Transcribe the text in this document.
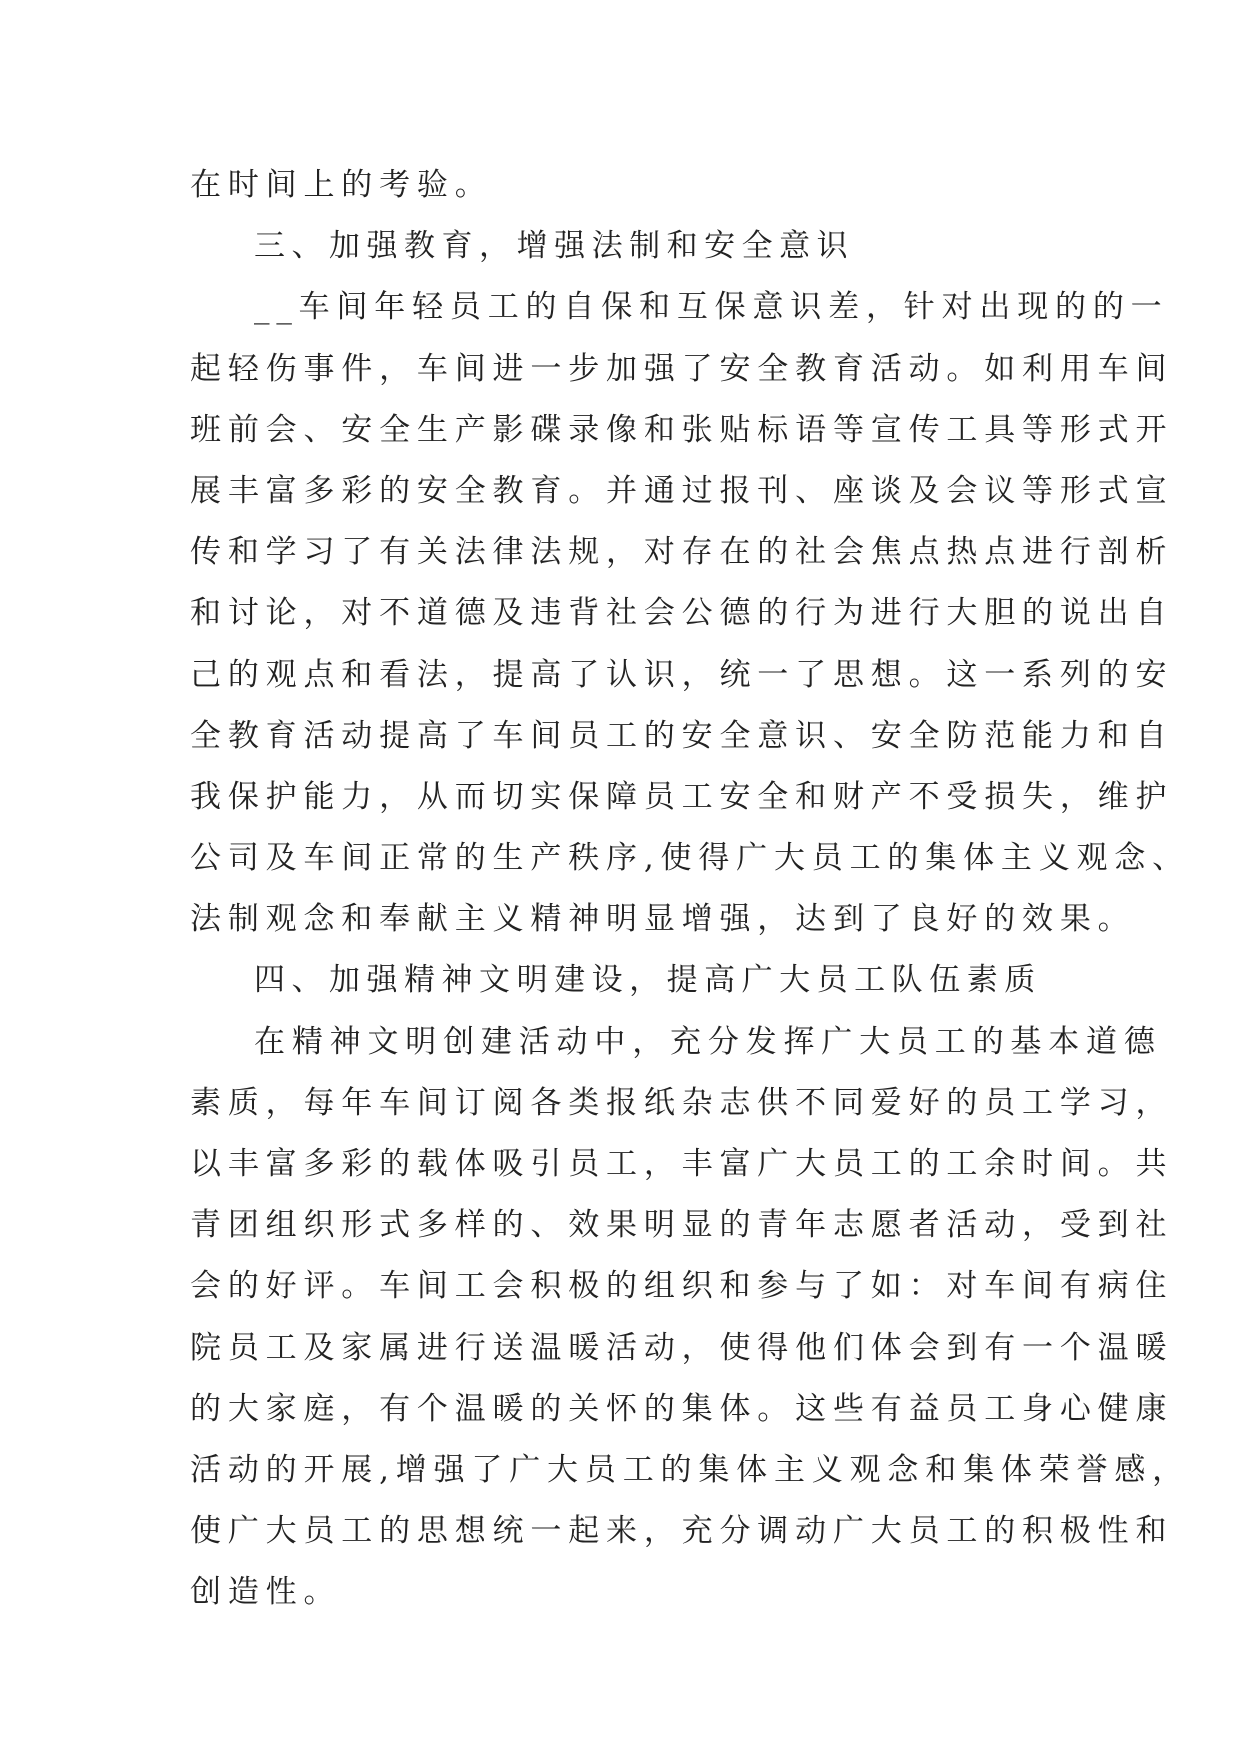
在时间上的考验。
三、加强教育，增强法制和安全意识
__车间年轻员工的自保和互保意识差，针对出现的的一
起轻伤事件，车间进一步加强了安全教育活动。如利用车间
班前会、安全生产影碟录像和张贴标语等宣传工具等形式开
展丰富多彩的安全教育。并通过报刊、座谈及会议等形式宣
传和学习了有关法律法规，对存在的社会焦点热点进行剖析
和讨论，对不道德及违背社会公德的行为进行大胆的说出自
己的观点和看法，提高了认识，统一了思想。这一系列的安
全教育活动提高了车间员工的安全意识、安全防范能力和自
我保护能力，从而切实保障员工安全和财产不受损失，维护
公司及车间正常的生产秩序,使得广大员工的集体主义观念、
法制观念和奉献主义精神明显增强，达到了良好的效果。
四、加强精神文明建设，提高广大员工队伍素质
在精神文明创建活动中，充分发挥广大员工的基本道德
素质，每年车间订阅各类报纸杂志供不同爱好的员工学习，
以丰富多彩的载体吸引员工，丰富广大员工的工余时间。共
青团组织形式多样的、效果明显的青年志愿者活动，受到社
会的好评。车间工会积极的组织和参与了如：对车间有病住
院员工及家属进行送温暖活动，使得他们体会到有一个温暖
的大家庭，有个温暖的关怀的集体。这些有益员工身心健康
活动的开展,增强了广大员工的集体主义观念和集体荣誉感，
使广大员工的思想统一起来，充分调动广大员工的积极性和
创造性。
